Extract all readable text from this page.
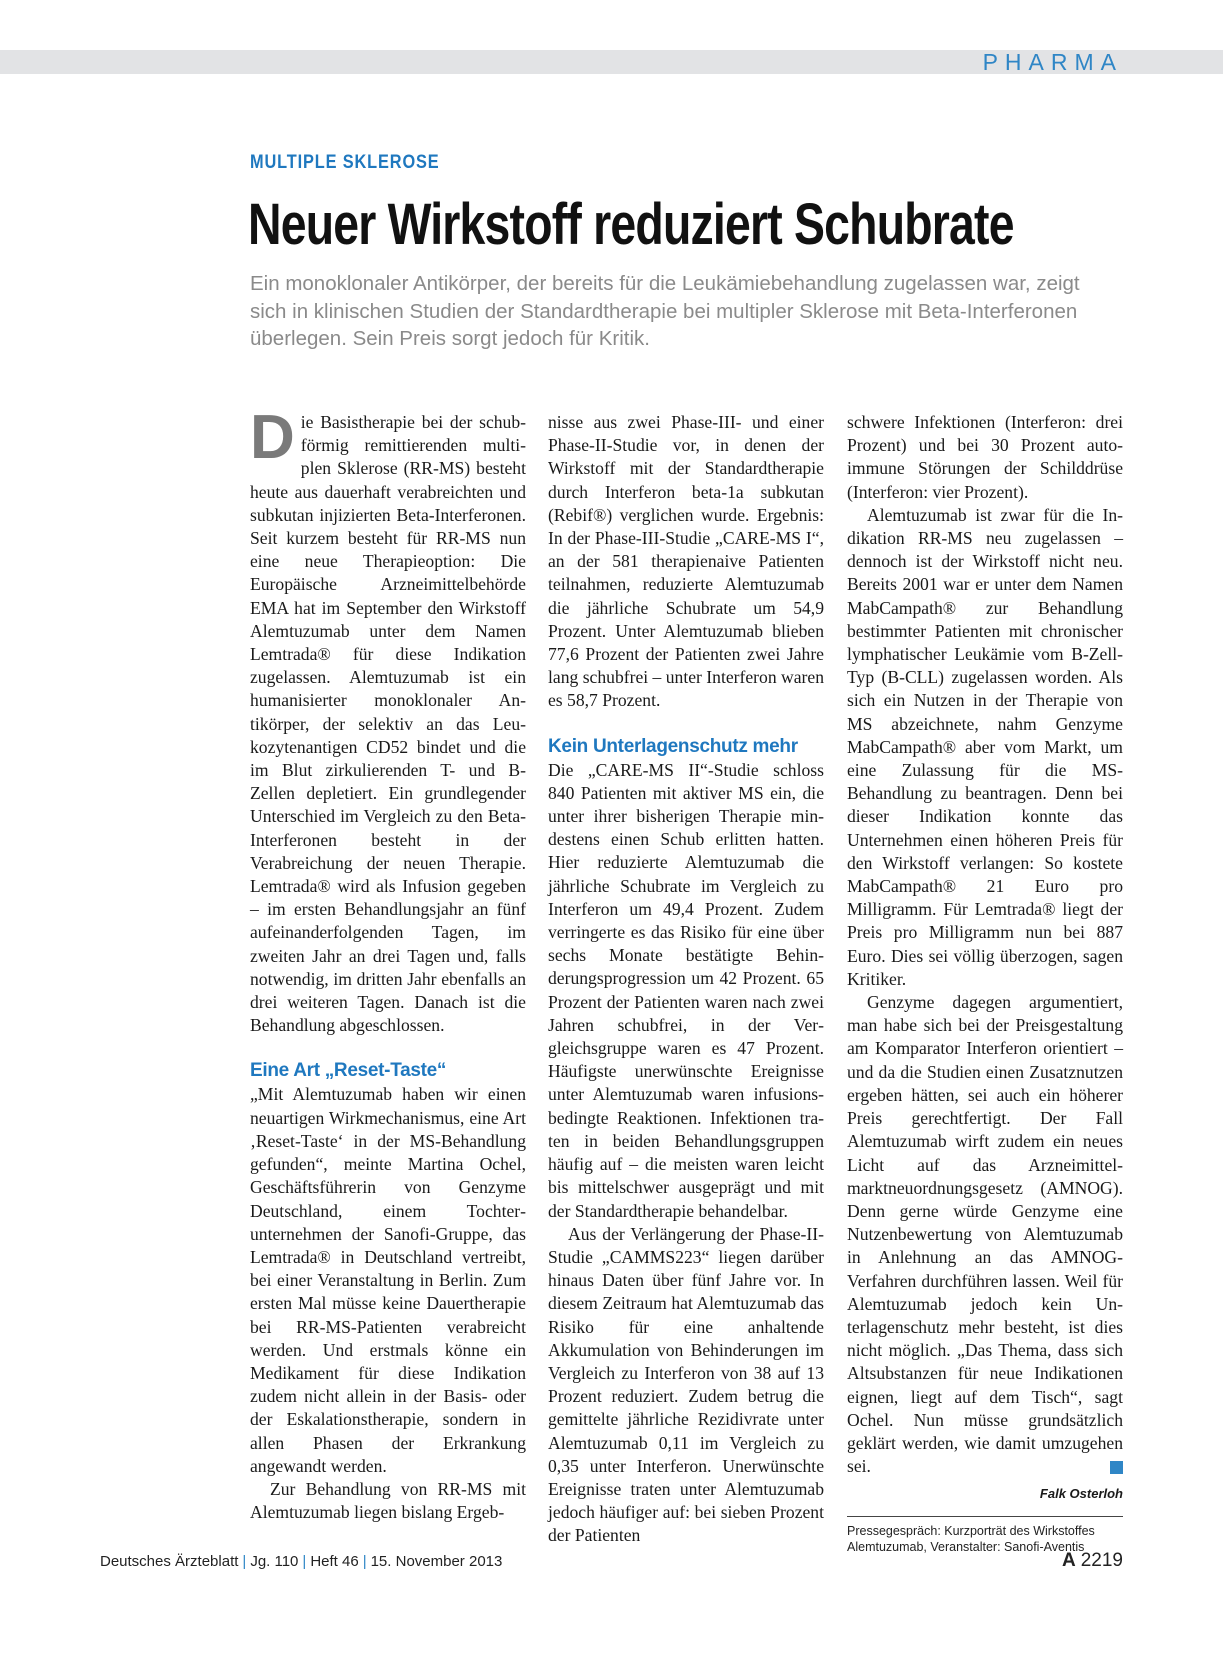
PHARMA
MULTIPLE SKLEROSE
Neuer Wirkstoff reduziert Schubrate

Ein monoklonaler Antikörper, der bereits für die Leukämiebehandlung zugelassen war, zeigt sich in klinischen Studien der Standardtherapie bei multipler Sklerose mit Beta-Interferonen überlegen. Sein Preis sorgt jedoch für Kritik.

Die Basistherapie bei der schubförmig remittierenden multiplen Sklerose (RR-MS) besteht heute aus dauerhaft verabreichten und subkutan injizierten Beta-Interferonen. Seit kurzem besteht für RR-MS nun eine neue Therapieoption: Die Europäische Arzneimittelbehörde EMA hat im September den Wirkstoff Alemtuzumab unter dem Namen Lemtrada® für diese Indikation zugelassen. Alemtuzumab ist ein humanisierter monoklonaler Antikörper, der selektiv an das Leukozytenantigen CD52 bindet und die im Blut zirkulierenden T- und B-Zellen depletiert. Ein grundlegender Unterschied im Vergleich zu den Beta-Interferonen besteht in der Verabreichung der neuen Therapie. Lemtrada® wird als Infusion gegeben – im ersten Behandlungsjahr an fünf aufeinanderfolgenden Tagen, im zweiten Jahr an drei Tagen und, falls notwendig, im dritten Jahr ebenfalls an drei weiteren Tagen. Danach ist die Behandlung abgeschlossen.

Eine Art „Reset-Taste“

„Mit Alemtuzumab haben wir einen neuartigen Wirkmechanismus, eine Art ‚Reset-Taste‘ in der MS-Behandlung gefunden“, meinte Martina Ochel, Geschäftsführerin von Genzyme Deutschland, einem Tochterunternehmen der Sanofi-Gruppe, das Lemtrada® in Deutschland vertreibt, bei einer Veranstaltung in Berlin. Zum ersten Mal müsse keine Dauertherapie bei RR-MS-Patienten verabreicht werden. Und erstmals könne ein Medikament für diese Indikation zudem nicht allein in der Basis- oder der Eskalationstherapie, sondern in allen Phasen der Erkrankung angewandt werden.

Zur Behandlung von RR-MS mit Alemtuzumab liegen bislang Ergeb-

nisse aus zwei Phase-III- und einer Phase-II-Studie vor, in denen der Wirkstoff mit der Standardtherapie durch Interferon beta-1a subkutan (Rebif®) verglichen wurde. Ergebnis: In der Phase-III-Studie „CARE-MS I“, an der 581 therapienaive Patienten teilnahmen, reduzierte Alemtuzumab die jährliche Schubrate um 54,9 Prozent. Unter Alemtuzumab blieben 77,6 Prozent der Patienten zwei Jahre lang schubfrei – unter Interferon waren es 58,7 Prozent.

Kein Unterlagenschutz mehr

Die „CARE-MS II“-Studie schloss 840 Patienten mit aktiver MS ein, die unter ihrer bisherigen Therapie mindestens einen Schub erlitten hatten. Hier reduzierte Alemtuzumab die jährliche Schubrate im Vergleich zu Interferon um 49,4 Prozent. Zudem verringerte es das Risiko für eine über sechs Monate bestätigte Behinderungsprogression um 42 Prozent. 65 Prozent der Patienten waren nach zwei Jahren schubfrei, in der Vergleichsgruppe waren es 47 Prozent. Häufigste unerwünschte Ereignisse unter Alemtuzumab waren infusionsbedingte Reaktionen. Infektionen traten in beiden Behandlungsgruppen häufig auf – die meisten waren leicht bis mittelschwer ausgeprägt und mit der Standardtherapie behandelbar.

Aus der Verlängerung der Phase-II-Studie „CAMMS223“ liegen darüber hinaus Daten über fünf Jahre vor. In diesem Zeitraum hat Alemtuzumab das Risiko für eine anhaltende Akkumulation von Behinderungen im Vergleich zu Interferon von 38 auf 13 Prozent reduziert. Zudem betrug die gemittelte jährliche Rezidivrate unter Alemtuzumab 0,11 im Vergleich zu 0,35 unter Interferon. Unerwünschte Ereignisse traten unter Alemtuzumab jedoch häufiger auf: bei sieben Prozent der Patienten

schwere Infektionen (Interferon: drei Prozent) und bei 30 Prozent autoimmune Störungen der Schilddrüse (Interferon: vier Prozent).

Alemtuzumab ist zwar für die Indikation RR-MS neu zugelassen – dennoch ist der Wirkstoff nicht neu. Bereits 2001 war er unter dem Namen MabCampath® zur Behandlung bestimmter Patienten mit chronischer lymphatischer Leukämie vom B-Zell-Typ (B-CLL) zugelassen worden. Als sich ein Nutzen in der Therapie von MS abzeichnete, nahm Genzyme MabCampath® aber vom Markt, um eine Zulassung für die MS-Behandlung zu beantragen. Denn bei dieser Indikation konnte das Unternehmen einen höheren Preis für den Wirkstoff verlangen: So kostete MabCampath® 21 Euro pro Milligramm. Für Lemtrada® liegt der Preis pro Milligramm nun bei 887 Euro. Dies sei völlig überzogen, sagen Kritiker.

Genzyme dagegen argumentiert, man habe sich bei der Preisgestaltung am Komparator Interferon orientiert – und da die Studien einen Zusatznutzen ergeben hätten, sei auch ein höherer Preis gerechtfertigt. Der Fall Alemtuzumab wirft zudem ein neues Licht auf das Arzneimittelmarktneuordnungsgesetz (AMNOG). Denn gerne würde Genzyme eine Nutzenbewertung von Alemtuzumab in Anlehnung an das AMNOG-Verfahren durchführen lassen. Weil für Alemtuzumab jedoch kein Unterlagenschutz mehr besteht, ist dies nicht möglich. „Das Thema, dass sich Altsubstanzen für neue Indikationen eignen, liegt auf dem Tisch“, sagt Ochel. Nun müsse grundsätzlich geklärt werden, wie damit umzugehen sei.

Falk Osterloh
Pressegespräch: Kurzporträt des Wirkstoffes Alemtuzumab, Veranstalter: Sanofi-Aventis
Deutsches Ärzteblatt | Jg. 110 | Heft 46 | 15. November 2013	A 2219
